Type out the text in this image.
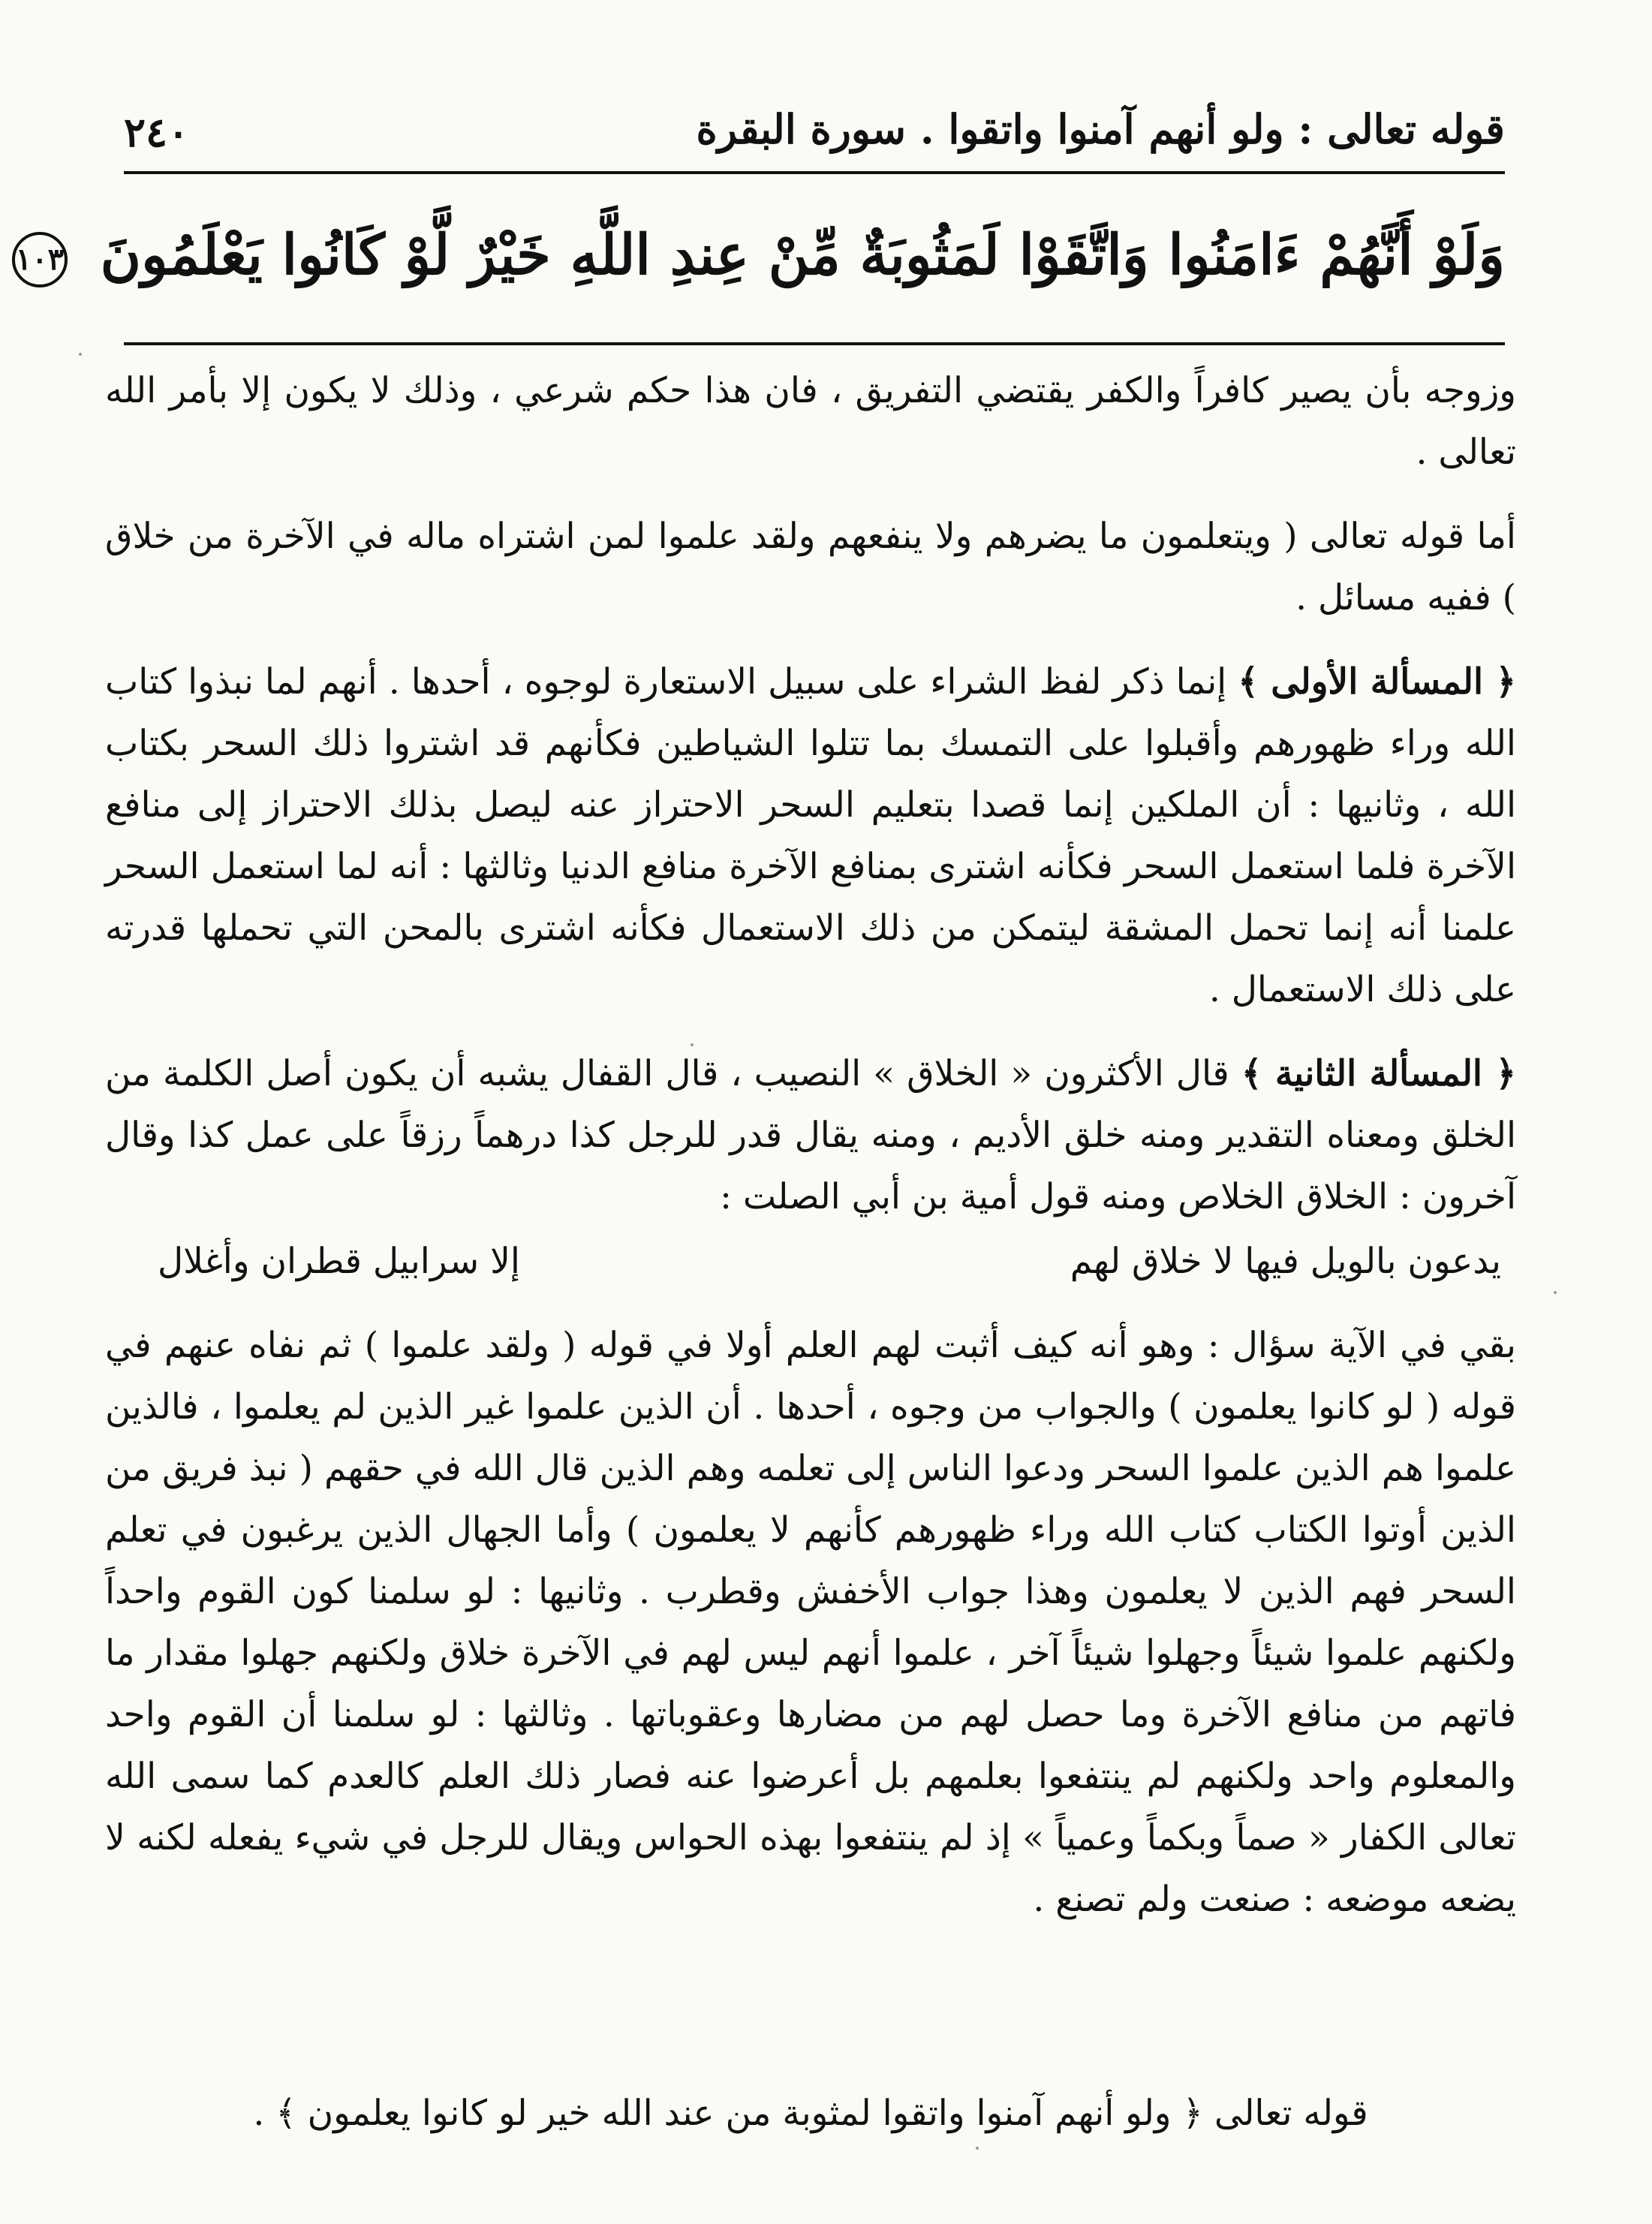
قوله تعالى : ولو أنهم آمنوا واتقوا . سورة البقرة
٢٤٠
وَلَوْ أَنَّهُمْ ءَامَنُوا وَاتَّقَوْا لَمَثُوبَةٌ مِّنْ عِندِ اللَّهِ خَيْرٌ لَّوْ كَانُوا يَعْلَمُونَ ١٠٣

وزوجه بأن يصير كافراً والكفر يقتضي التفريق ، فان هذا حكم شرعي ، وذلك لا يكون إلا بأمر الله تعالى .

أما قوله تعالى ( ويتعلمون ما يضرهم ولا ينفعهم ولقد علموا لمن اشتراه ماله في الآخرة من خلاق ) ففيه مسائل .

﴿ المسألة الأولى ﴾ إنما ذكر لفظ الشراء على سبيل الاستعارة لوجوه ، أحدها . أنهم لما نبذوا كتاب الله وراء ظهورهم وأقبلوا على التمسك بما تتلوا الشياطين فكأنهم قد اشتروا ذلك السحر بكتاب الله ، وثانيها : أن الملكين إنما قصدا بتعليم السحر الاحتراز عنه ليصل بذلك الاحتراز إلى منافع الآخرة فلما استعمل السحر فكأنه اشترى بمنافع الآخرة منافع الدنيا وثالثها : أنه لما استعمل السحر علمنا أنه إنما تحمل المشقة ليتمكن من ذلك الاستعمال فكأنه اشترى بالمحن التي تحملها قدرته على ذلك الاستعمال .

﴿ المسألة الثانية ﴾ قال الأكثرون « الخلاق » النصيب ، قال القفال يشبه أن يكون أصل الكلمة من الخلق ومعناه التقدير ومنه خلق الأديم ، ومنه يقال قدر للرجل كذا درهماً رزقاً على عمل كذا وقال آخرون : الخلاق الخلاص ومنه قول أمية بن أبي الصلت :

يدعون بالويل فيها لا خلاق لهم
إلا سرابيل قطران وأغلال

بقي في الآية سؤال : وهو أنه كيف أثبت لهم العلم أولا في قوله ( ولقد علموا ) ثم نفاه عنهم في قوله ( لو كانوا يعلمون ) والجواب من وجوه ، أحدها . أن الذين علموا غير الذين لم يعلموا ، فالذين علموا هم الذين علموا السحر ودعوا الناس إلى تعلمه وهم الذين قال الله في حقهم ( نبذ فريق من الذين أوتوا الكتاب كتاب الله وراء ظهورهم كأنهم لا يعلمون ) وأما الجهال الذين يرغبون في تعلم السحر فهم الذين لا يعلمون وهذا جواب الأخفش وقطرب . وثانيها : لو سلمنا كون القوم واحداً ولكنهم علموا شيئاً وجهلوا شيئاً آخر ، علموا أنهم ليس لهم في الآخرة خلاق ولكنهم جهلوا مقدار ما فاتهم من منافع الآخرة وما حصل لهم من مضارها وعقوباتها . وثالثها : لو سلمنا أن القوم واحد والمعلوم واحد ولكنهم لم ينتفعوا بعلمهم بل أعرضوا عنه فصار ذلك العلم كالعدم كما سمى الله تعالى الكفار « صماً وبكماً وعمياً » إذ لم ينتفعوا بهذه الحواس ويقال للرجل في شيء يفعله لكنه لا يضعه موضعه : صنعت ولم تصنع .

قوله تعالى ﴿ ولو أنهم آمنوا واتقوا لمثوبة من عند الله خير لو كانوا يعلمون ﴾ .
